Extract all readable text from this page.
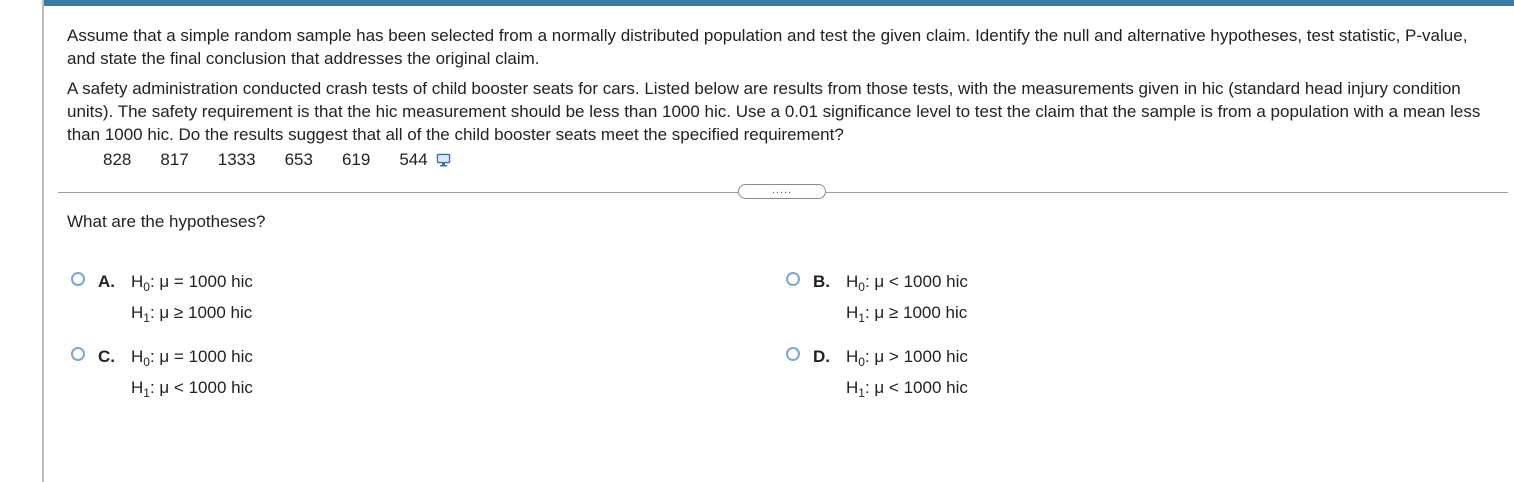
Assume that a simple random sample has been selected from a normally distributed population and test the given claim. Identify the null and alternative hypotheses, test statistic, P-value, and state the final conclusion that addresses the original claim.

A safety administration conducted crash tests of child booster seats for cars. Listed below are results from those tests, with the measurements given in hic (standard head injury condition units). The safety requirement is that the hic measurement should be less than 1000 hic. Use a 0.01 significance level to test the claim that the sample is from a population with a mean less than 1000 hic. Do the results suggest that all of the child booster seats meet the specified requirement?

828 817 1333 653 619 544
.....
What are the hypotheses?
A. $H_0$: μ = 1000 hic
$H_1$: μ ≥ 1000 hic
B. $H_0$: μ < 1000 hic
$H_1$: μ ≥ 1000 hic
C. $H_0$: μ = 1000 hic
$H_1$: μ < 1000 hic
D. $H_0$: μ > 1000 hic
$H_1$: μ < 1000 hic
